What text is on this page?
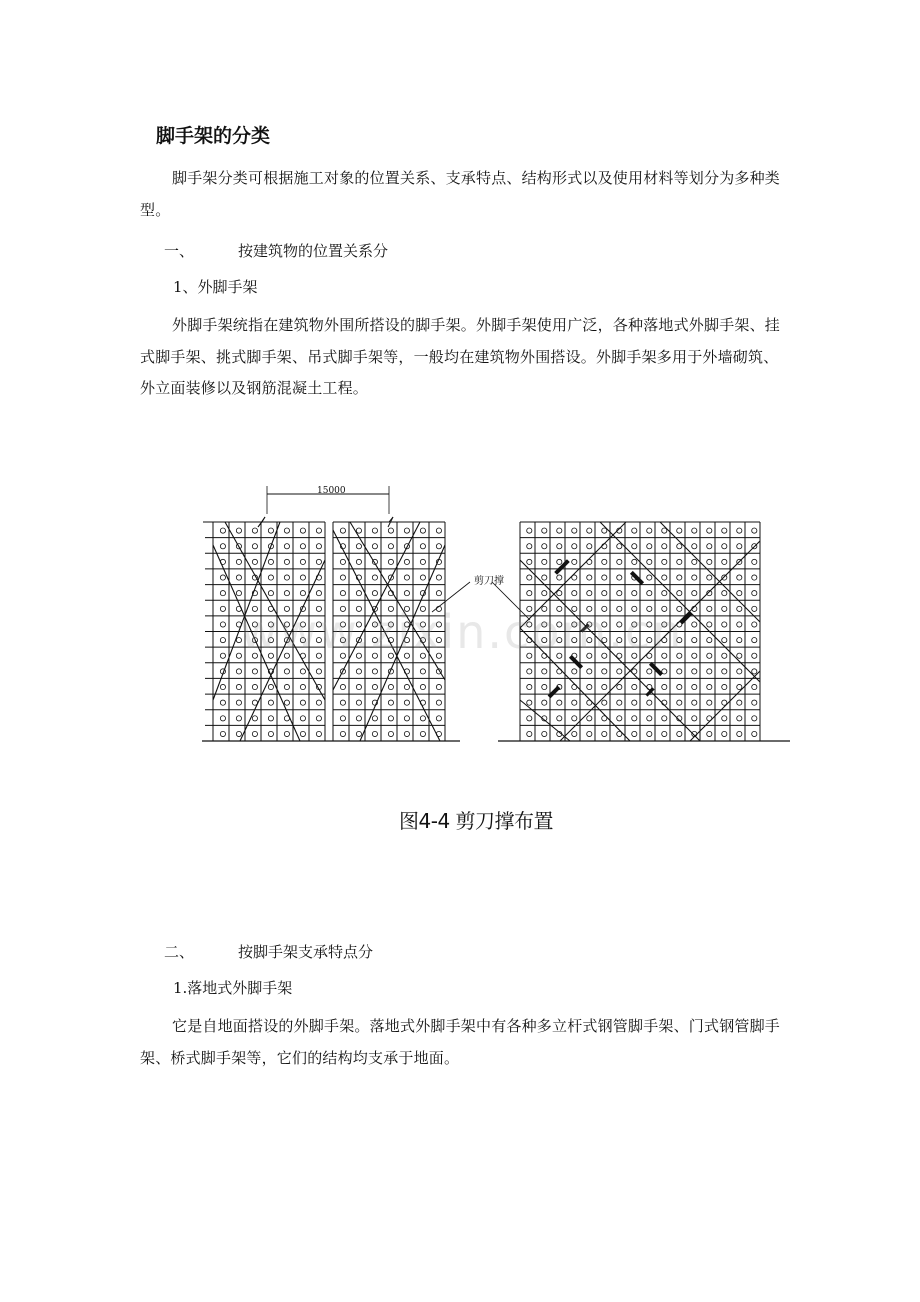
脚手架的分类
脚手架分类可根据施工对象的位置关系、支承特点、结构形式以及使用材料等划分为多种类型。
一、	按建筑物的位置关系分
1、外脚手架
外脚手架统指在建筑物外围所搭设的脚手架。外脚手架使用广泛，各种落地式外脚手架、挂式脚手架、挑式脚手架、吊式脚手架等，一般均在建筑物外围搭设。外脚手架多用于外墙砌筑、外立面装修以及钢筋混凝土工程。
15000
剪刀撑
www.zixin.com.cn
图4-4 剪刀撑布置
二、	按脚手架支承特点分
1.落地式外脚手架
它是自地面搭设的外脚手架。落地式外脚手架中有各种多立杆式钢管脚手架、门式钢管脚手架、桥式脚手架等，它们的结构均支承于地面。
